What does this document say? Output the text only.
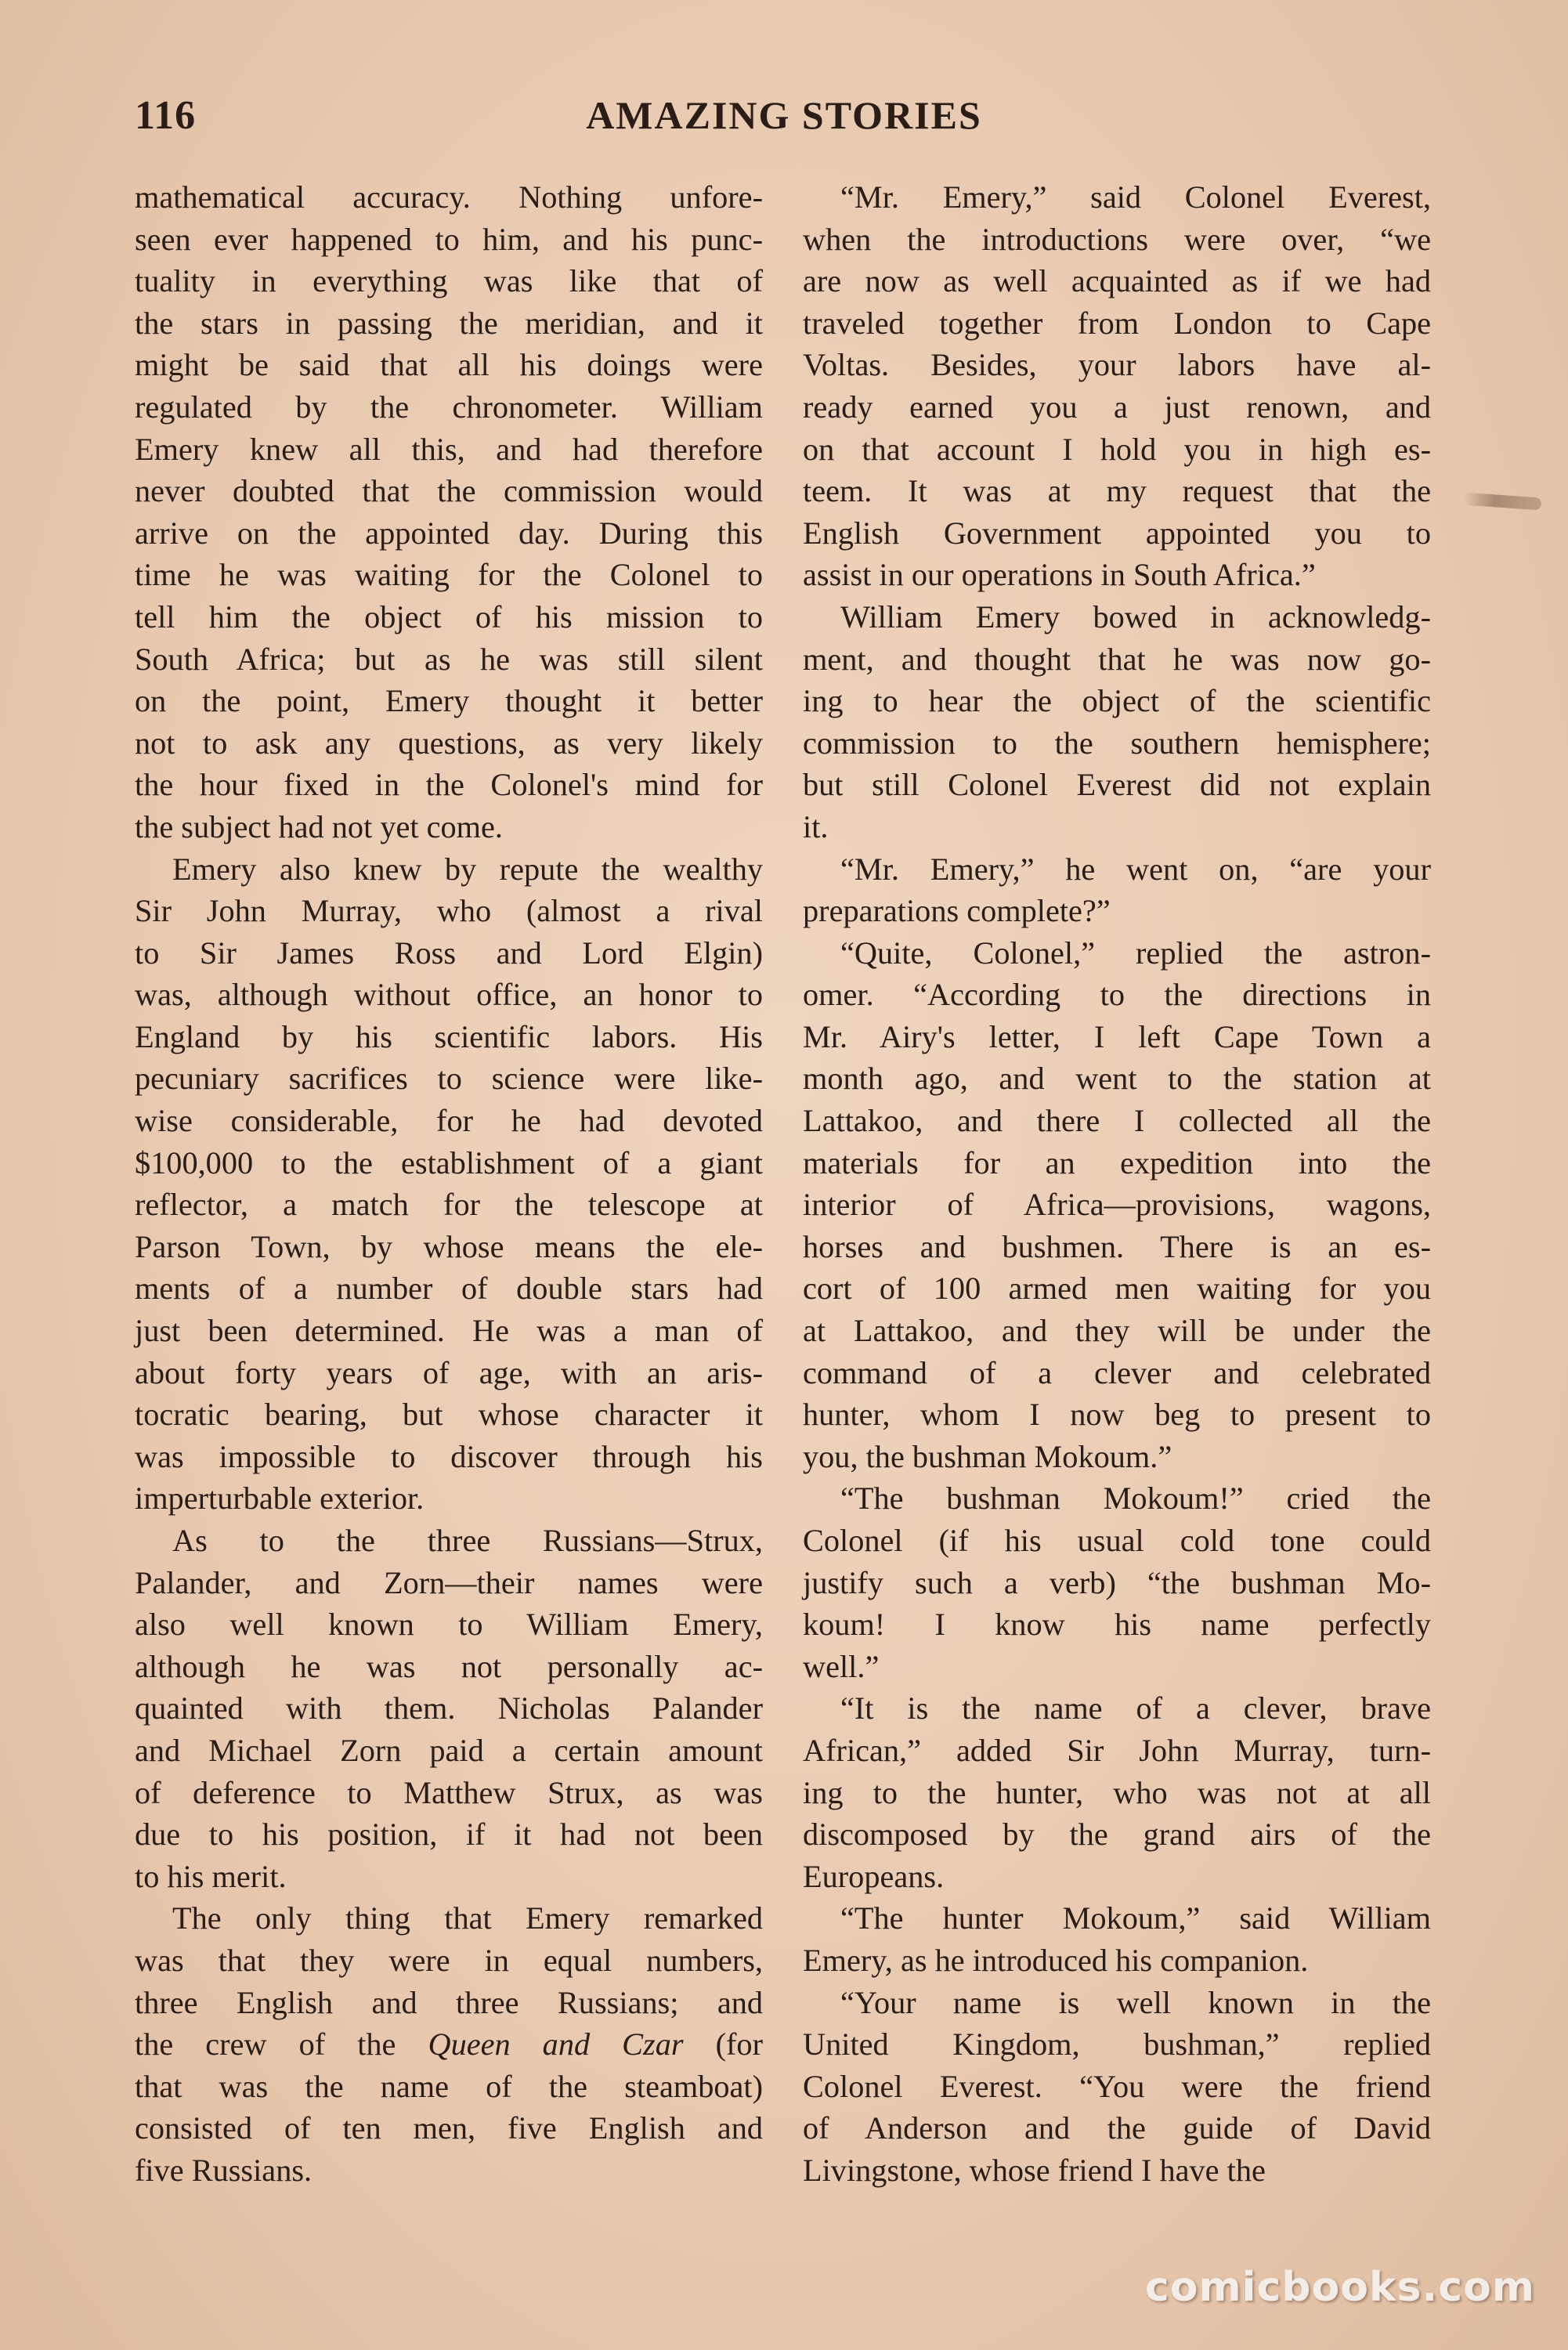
116	AMAZING STORIES
mathematical accuracy. Nothing unfore-
seen ever happened to him, and his punc-
tuality in everything was like that of
the stars in passing the meridian, and it
might be said that all his doings were
regulated by the chronometer. William
Emery knew all this, and had therefore
never doubted that the commission would
arrive on the appointed day. During this
time he was waiting for the Colonel to
tell him the object of his mission to
South Africa; but as he was still silent
on the point, Emery thought it better
not to ask any questions, as very likely
the hour fixed in the Colonel's mind for
the subject had not yet come.
Emery also knew by repute the wealthy
Sir John Murray, who (almost a rival
to Sir James Ross and Lord Elgin)
was, although without office, an honor to
England by his scientific labors. His
pecuniary sacrifices to science were like-
wise considerable, for he had devoted
$100,000 to the establishment of a giant
reflector, a match for the telescope at
Parson Town, by whose means the ele-
ments of a number of double stars had
just been determined. He was a man of
about forty years of age, with an aris-
tocratic bearing, but whose character it
was impossible to discover through his
imperturbable exterior.
As to the three Russians—Strux,
Palander, and Zorn—their names were
also well known to William Emery,
although he was not personally ac-
quainted with them. Nicholas Palander
and Michael Zorn paid a certain amount
of deference to Matthew Strux, as was
due to his position, if it had not been
to his merit.
The only thing that Emery remarked
was that they were in equal numbers,
three English and three Russians; and
the crew of the Queen and Czar (for
that was the name of the steamboat)
consisted of ten men, five English and
five Russians.
“Mr. Emery,” said Colonel Everest,
when the introductions were over, “we
are now as well acquainted as if we had
traveled together from London to Cape
Voltas. Besides, your labors have al-
ready earned you a just renown, and
on that account I hold you in high es-
teem. It was at my request that the
English Government appointed you to
assist in our operations in South Africa.”
William Emery bowed in acknowledg-
ment, and thought that he was now go-
ing to hear the object of the scientific
commission to the southern hemisphere;
but still Colonel Everest did not explain
it.
“Mr. Emery,” he went on, “are your
preparations complete?”
“Quite, Colonel,” replied the astron-
omer. “According to the directions in
Mr. Airy's letter, I left Cape Town a
month ago, and went to the station at
Lattakoo, and there I collected all the
materials for an expedition into the
interior of Africa—provisions, wagons,
horses and bushmen. There is an es-
cort of 100 armed men waiting for you
at Lattakoo, and they will be under the
command of a clever and celebrated
hunter, whom I now beg to present to
you, the bushman Mokoum.”
“The bushman Mokoum!” cried the
Colonel (if his usual cold tone could
justify such a verb) “the bushman Mo-
koum! I know his name perfectly
well.”
“It is the name of a clever, brave
African,” added Sir John Murray, turn-
ing to the hunter, who was not at all
discomposed by the grand airs of the
Europeans.
“The hunter Mokoum,” said William
Emery, as he introduced his companion.
“Your name is well known in the
United Kingdom, bushman,” replied
Colonel Everest. “You were the friend
of Anderson and the guide of David
Livingstone, whose friend I have the
comicbooks.com
